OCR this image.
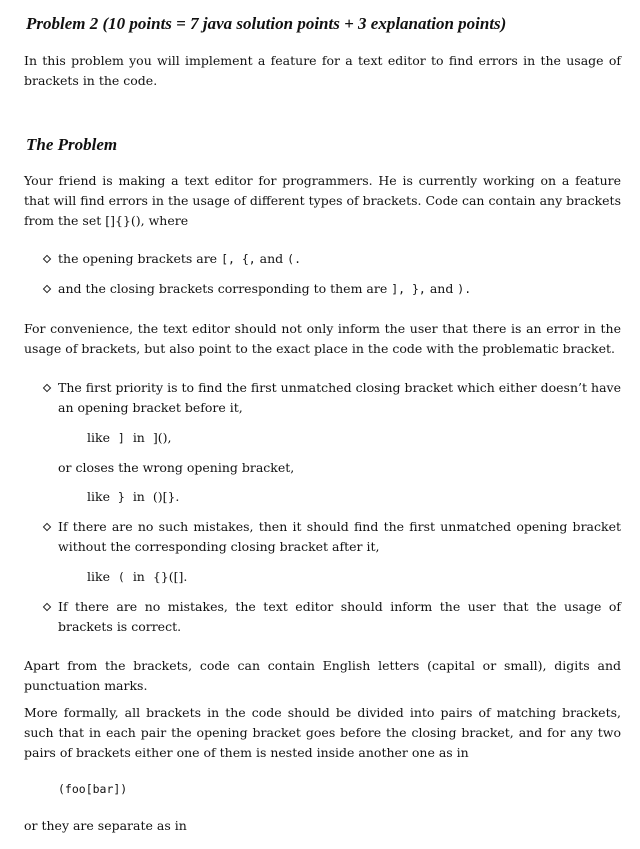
Problem 2 (10 points = 7 java solution points + 3 explanation points)
In this problem you will implement a feature for a text editor to find errors in the usage of brackets in the code.
The Problem
Your friend is making a text editor for programmers. He is currently working on a feature that will find errors in the usage of different types of brackets. Code can contain any brackets from the set []{}(), where
the opening brackets are [, {, and (.
and the closing brackets corresponding to them are ], }, and ).
For convenience, the text editor should not only inform the user that there is an error in the usage of brackets, but also point to the exact place in the code with the problematic bracket.
The first priority is to find the first unmatched closing bracket which either doesn’t have an opening bracket before it,
like ] in ](),
or closes the wrong opening bracket,
like } in ()[}.
If there are no such mistakes, then it should find the first unmatched opening bracket without the corresponding closing bracket after it,
like ( in {}([].
If there are no mistakes, the text editor should inform the user that the usage of brackets is correct.
Apart from the brackets, code can contain English letters (capital or small), digits and punctuation marks.
More formally, all brackets in the code should be divided into pairs of matching brackets, such that in each pair the opening bracket goes before the closing bracket, and for any two pairs of brackets either one of them is nested inside another one as in
(foo[bar])
or they are separate as in
